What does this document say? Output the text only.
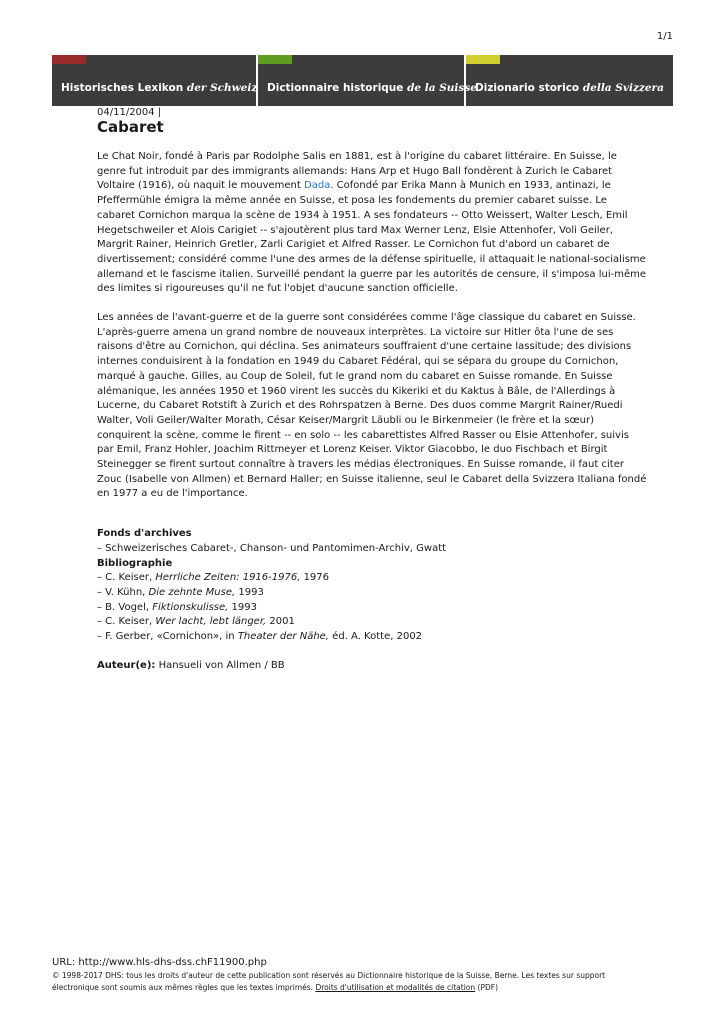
1/1
Historisches Lexikon der Schweiz Dictionnaire historique de la Suisse
Dizionario storico della Svizzera
04/11/2004 |
Cabaret

Le Chat Noir, fondé à Paris par Rodolphe Salis en 1881, est à l'origine du cabaret littéraire. En Suisse, le genre fut introduit par des immigrants allemands: Hans Arp et Hugo Ball fondèrent à Zurich le Cabaret Voltaire (1916), où naquit le mouvement Dada. Cofondé par Erika Mann à Munich en 1933, antinazi, le Pfeffermühle émigra la même année en Suisse, et posa les fondements du premier cabaret suisse. Le cabaret Cornichon marqua la scène de 1934 à 1951. A ses fondateurs -- Otto Weissert, Walter Lesch, Emil Hegetschweiler et Alois Carigiet -- s'ajoutèrent plus tard Max Werner Lenz, Elsie Attenhofer, Voli Geiler, Margrit Rainer, Heinrich Gretler, Zarli Carigiet et Alfred Rasser. Le Cornichon fut d'abord un cabaret de divertissement; considéré comme l'une des armes de la défense spirituelle, il attaquait le national-socialisme allemand et le fascisme italien. Surveillé pendant la guerre par les autorités de censure, il s'imposa lui-même des limites si rigoureuses qu'il ne fut l'objet d'aucune sanction officielle.

Les années de l'avant-guerre et de la guerre sont considérées comme l'âge classique du cabaret en Suisse. L'après-guerre amena un grand nombre de nouveaux interprètes. La victoire sur Hitler ôta l'une de ses raisons d'être au Cornichon, qui déclina. Ses animateurs souffraient d'une certaine lassitude; des divisions internes conduisirent à la fondation en 1949 du Cabaret Fédéral, qui se sépara du groupe du Cornichon, marqué à gauche. Gilles, au Coup de Soleil, fut le grand nom du cabaret en Suisse romande. En Suisse alémanique, les années 1950 et 1960 virent les succès du Kikeriki et du Kaktus à Bâle, de l'Allerdings à Lucerne, du Cabaret Rotstift à Zurich et des Rohrspatzen à Berne. Des duos comme Margrit Rainer/Ruedi Walter, Voli Geiler/Walter Morath, César Keiser/Margrit Läubli ou le Birkenmeier (le frère et la sœur) conquirent la scène, comme le firent -- en solo -- les cabarettistes Alfred Rasser ou Elsie Attenhofer, suivis par Emil, Franz Hohler, Joachim Rittmeyer et Lorenz Keiser. Viktor Giacobbo, le duo Fischbach et Birgit Steinegger se firent surtout connaître à travers les médias électroniques. En Suisse romande, il faut citer Zouc (Isabelle von Allmen) et Bernard Haller; en Suisse italienne, seul le Cabaret della Svizzera Italiana fondé en 1977 a eu de l'importance.

Fonds d'archives
– Schweizerisches Cabaret-, Chanson- und Pantomimen-Archiv, Gwatt
Bibliographie
– C. Keiser, Herrliche Zeiten: 1916-1976, 1976
– V. Kühn, Die zehnte Muse, 1993
– B. Vogel, Fiktionskulisse, 1993
– C. Keiser, Wer lacht, lebt länger, 2001
– F. Gerber, «Cornichon», in Theater der Nähe, éd. A. Kotte, 2002
Auteur(e): Hansueli von Allmen / BB
URL: http://www.hls-dhs-dss.chF11900.php
© 1998-2017 DHS: tous les droits d'auteur de cette publication sont réservés au Dictionnaire historique de la Suisse, Berne. Les textes sur support électronique sont soumis aux mêmes règles que les textes imprimés. Droits d'utilisation et modalités de citation (PDF)
